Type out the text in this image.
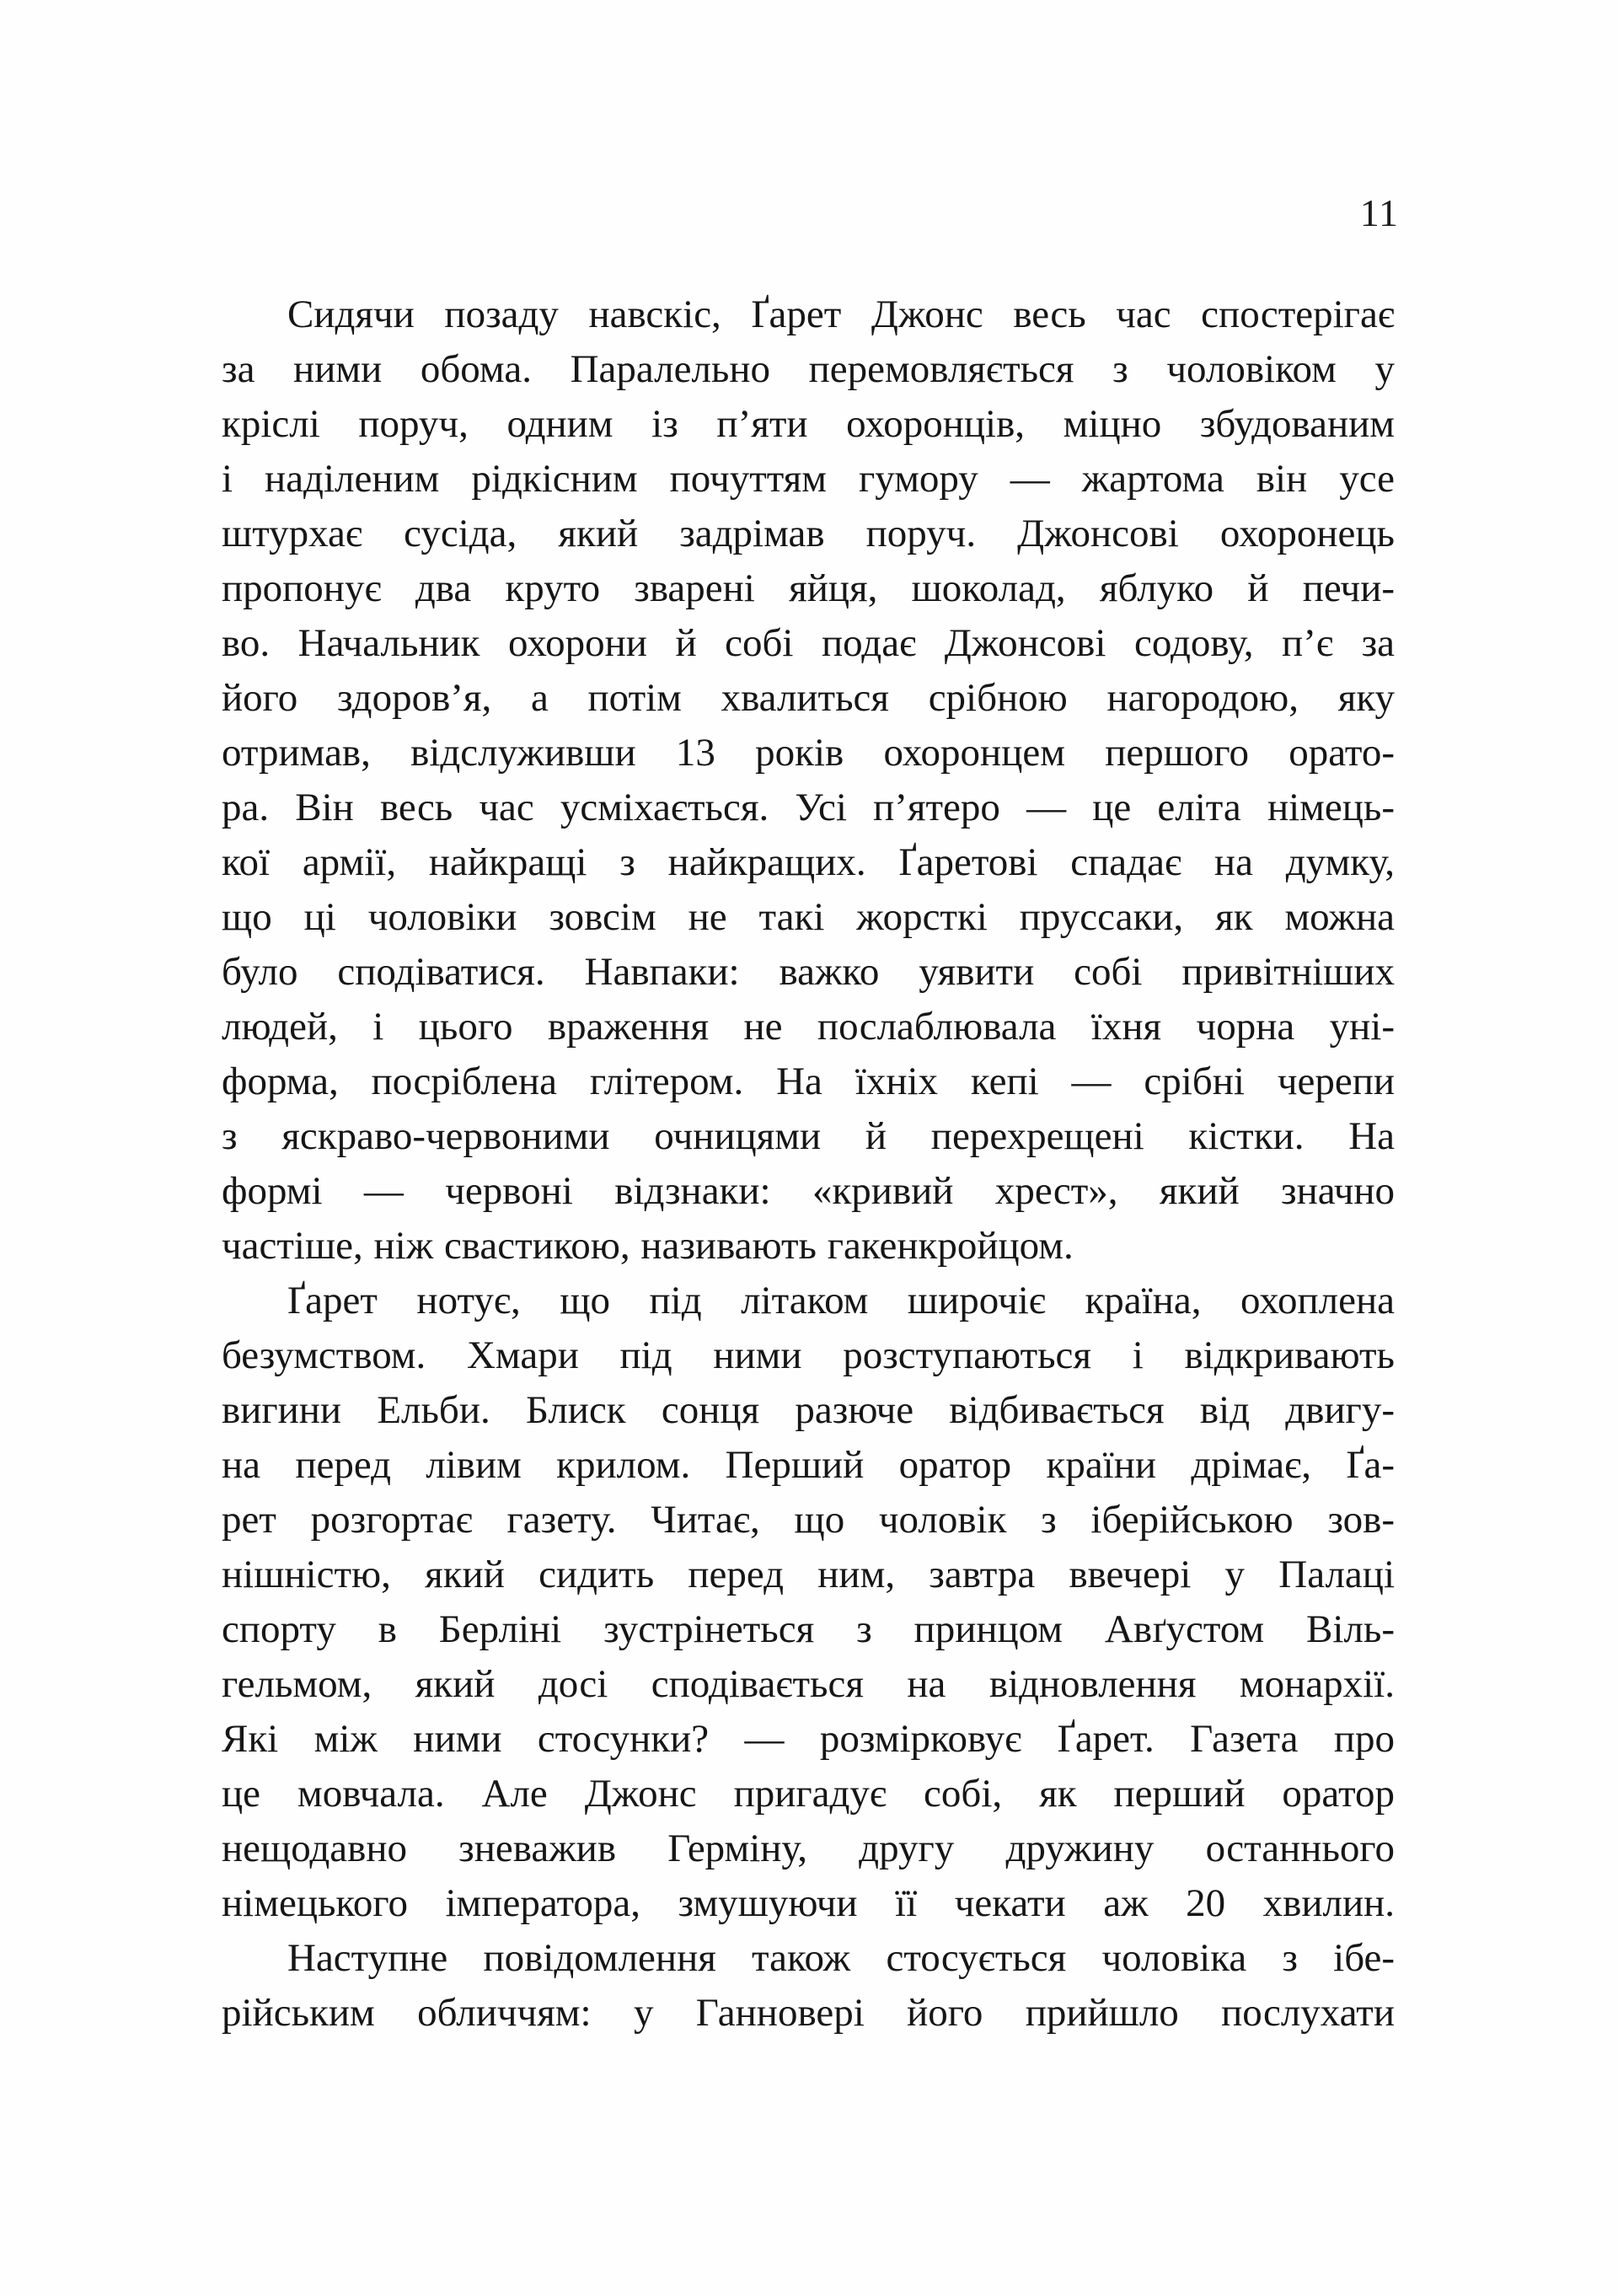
11
Сидячи позаду навскіс, Ґарет Джонс весь час спостерігає
за ними обома. Паралельно перемовляється з чоловіком у
кріслі поруч, одним із п’яти охоронців, міцно збудованим
і наділеним рідкісним почуттям гумору — жартома він усе
штурхає сусіда, який задрімав поруч. Джонсові охоронець
пропонує два круто зварені яйця, шоколад, яблуко й печи-
во. Начальник охорони й собі подає Джонсові содову, п’є за
його здоров’я, а потім хвалиться срібною нагородою, яку
отримав, відслуживши 13 років охоронцем першого орато-
ра. Він весь час усміхається. Усі п’ятеро — це еліта німець-
кої армії, найкращі з найкращих. Ґаретові спадає на думку,
що ці чоловіки зовсім не такі жорсткі пруссаки, як можна
було сподіватися. Навпаки: важко уявити собі привітніших
людей, і цього враження не послаблювала їхня чорна уні-
форма, посріблена глітером. На їхніх кепі — срібні черепи
з яскраво-червоними очницями й перехрещені кістки. На
формі — червоні відзнаки: «кривий хрест», який значно
частіше, ніж свастикою, називають гакенкройцом.
Ґарет нотує, що під літаком широчіє країна, охоплена
безумством. Хмари під ними розступаються і відкривають
вигини Ельби. Блиск сонця разюче відбивається від двигу-
на перед лівим крилом. Перший оратор країни дрімає, Ґа-
рет розгортає газету. Читає, що чоловік з іберійською зов-
нішністю, який сидить перед ним, завтра ввечері у Палаці
спорту в Берліні зустрінеться з принцом Авґустом Віль-
гельмом, який досі сподівається на відновлення монархії.
Які між ними стосунки? — розмірковує Ґарет. Газета про
це мовчала. Але Джонс пригадує собі, як перший оратор
нещодавно зневажив Герміну, другу дружину останнього
німецького імператора, змушуючи її чекати аж 20 хвилин.
Наступне повідомлення також стосується чоловіка з ібе-
рійським обличчям: у Ганновері його прийшло послухати
